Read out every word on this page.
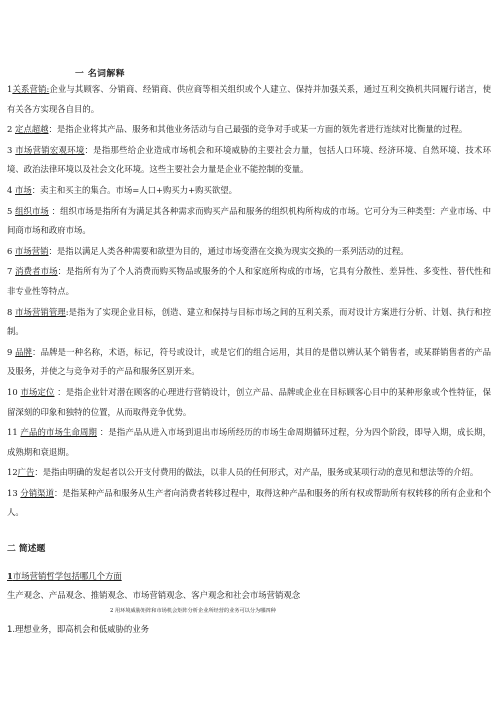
一 名词解释
1关系营销:企业与其顾客、分销商、经销商、供应商等相关组织或个人建立、保持并加强关系，通过互利交换机共同履行诺言，使有关各方实现各自目的。
2 定点超越：是指企业将其产品、服务和其他业务活动与自己最强的竞争对手或某一方面的领先者进行连续对比衡量的过程。
3 市场营销宏观环境：是指那些给企业造成市场机会和环境威胁的主要社会力量，包括人口环境、经济环境、自然环境、技术环境、政治法律环境以及社会文化环境。这些主要社会力量是企业不能控制的变量。
4 市场：卖主和买主的集合。市场=人口+购买力+购买欲望。
5 组织市场 ：组织市场是指所有为满足其各种需求而购买产品和服务的组织机构所构成的市场。它可分为三种类型：产业市场、中间商市场和政府市场。
6 市场营销：是指以满足人类各种需要和欲望为目的，通过市场变潜在交换为现实交换的一系列活动的过程。
7 消费者市场：是指所有为了个人消费而购买物品或服务的个人和家庭所构成的市场，它具有分散性、差异性、多变性、替代性和非专业性等特点。
8 市场营销管理:是指为了实现企业目标，创造、建立和保持与目标市场之间的互利关系，而对设计方案进行分析、计划、执行和控制。
9 品牌：品牌是一种名称，术语，标记，符号或设计，或是它们的组合运用，其目的是借以辨认某个销售者，或某群销售者的产品及服务，并使之与竞争对手的产品和服务区别开来。
10 市场定位 ：是指企业针对潜在顾客的心理进行营销设计，创立产品、品牌或企业在目标顾客心目中的某种形象或个性特征，保留深刻的印象和独特的位置，从而取得竞争优势。
11 产品的市场生命周期 ：是指产品从进入市场到退出市场所经历的市场生命周期循环过程，分为四个阶段，即导入期，成长期，成熟期和衰退期。
12广告：是指由明确的发起者以公开支付费用的做法，以非人员的任何形式，对产品，服务或某项行动的意见和想法等的介绍。
13 分销渠道：是指某种产品和服务从生产者向消费者转移过程中，取得这种产品和服务的所有权或帮助所有权转移的所有企业和个人。
二 简述题
1市场营销哲学包括哪几个方面
生产观念、产品观念、推销观念、市场营销观念、客户观念和社会市场营销观念
2 用环境威胁矩阵和市场机会矩阵分析企业所经营的业务可以分为哪四种
1.理想业务，即高机会和低威胁的业务
